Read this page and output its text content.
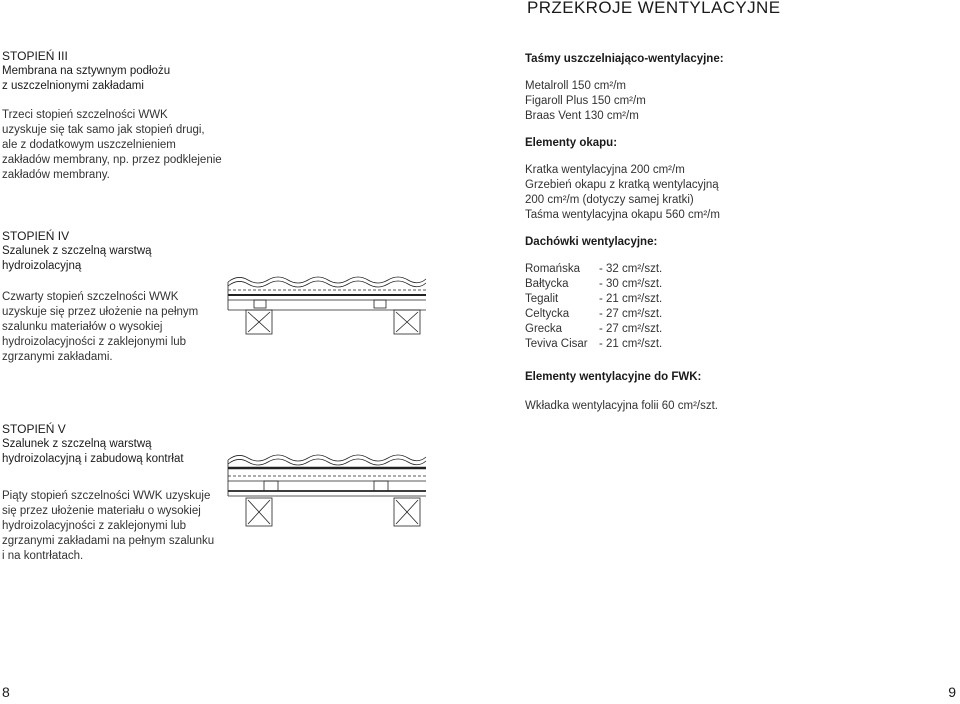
PRZEKROJE WENTYLACYJNE

STOPIEŃ III

Membrana na sztywnym podłożu

z uszczelnionymi zakładami

Trzeci stopień szczelności WWK

uzyskuje się tak samo jak stopień drugi,

ale z dodatkowym uszczelnieniem

zakładów membrany, np. przez podklejenie

zakładów membrany.

STOPIEŃ IV

Szalunek z szczelną warstwą

hydroizolacyjną

Czwarty stopień szczelności WWK

uzyskuje się przez ułożenie na pełnym

szalunku materiałów o wysokiej

hydroizolacyjności z zaklejonymi lub

zgrzanymi zakładami.

STOPIEŃ V

Szalunek z szczelną warstwą

hydroizolacyjną i zabudową kontrłat

Piąty stopień szczelności WWK uzyskuje

się przez ułożenie materiału o wysokiej

hydroizolacyjności z zaklejonymi lub

zgrzanymi zakładami na pełnym szalunku

i na kontrłatach.

Taśmy uszczelniająco-wentylacyjne:

Metalroll 150 cm²/m

Figaroll Plus 150 cm²/m

Braas Vent 130 cm²/m

Elementy okapu:

Kratka wentylacyjna 200 cm²/m

Grzebień okapu z kratką wentylacyjną

200 cm²/m (dotyczy samej kratki)

Taśma wentylacyjna okapu 560 cm²/m

Dachówki wentylacyjne:

Romańska	- 32 cm²/szt.
Bałtycka	- 30 cm²/szt.
Tegalit	- 21 cm²/szt.
Celtycka	- 27 cm²/szt.
Grecka	- 27 cm²/szt.
Teviva Cisar - 21 cm²/szt.

Elementy wentylacyjne do FWK:

Wkładka wentylacyjna folii 60 cm²/szt.

8	9
